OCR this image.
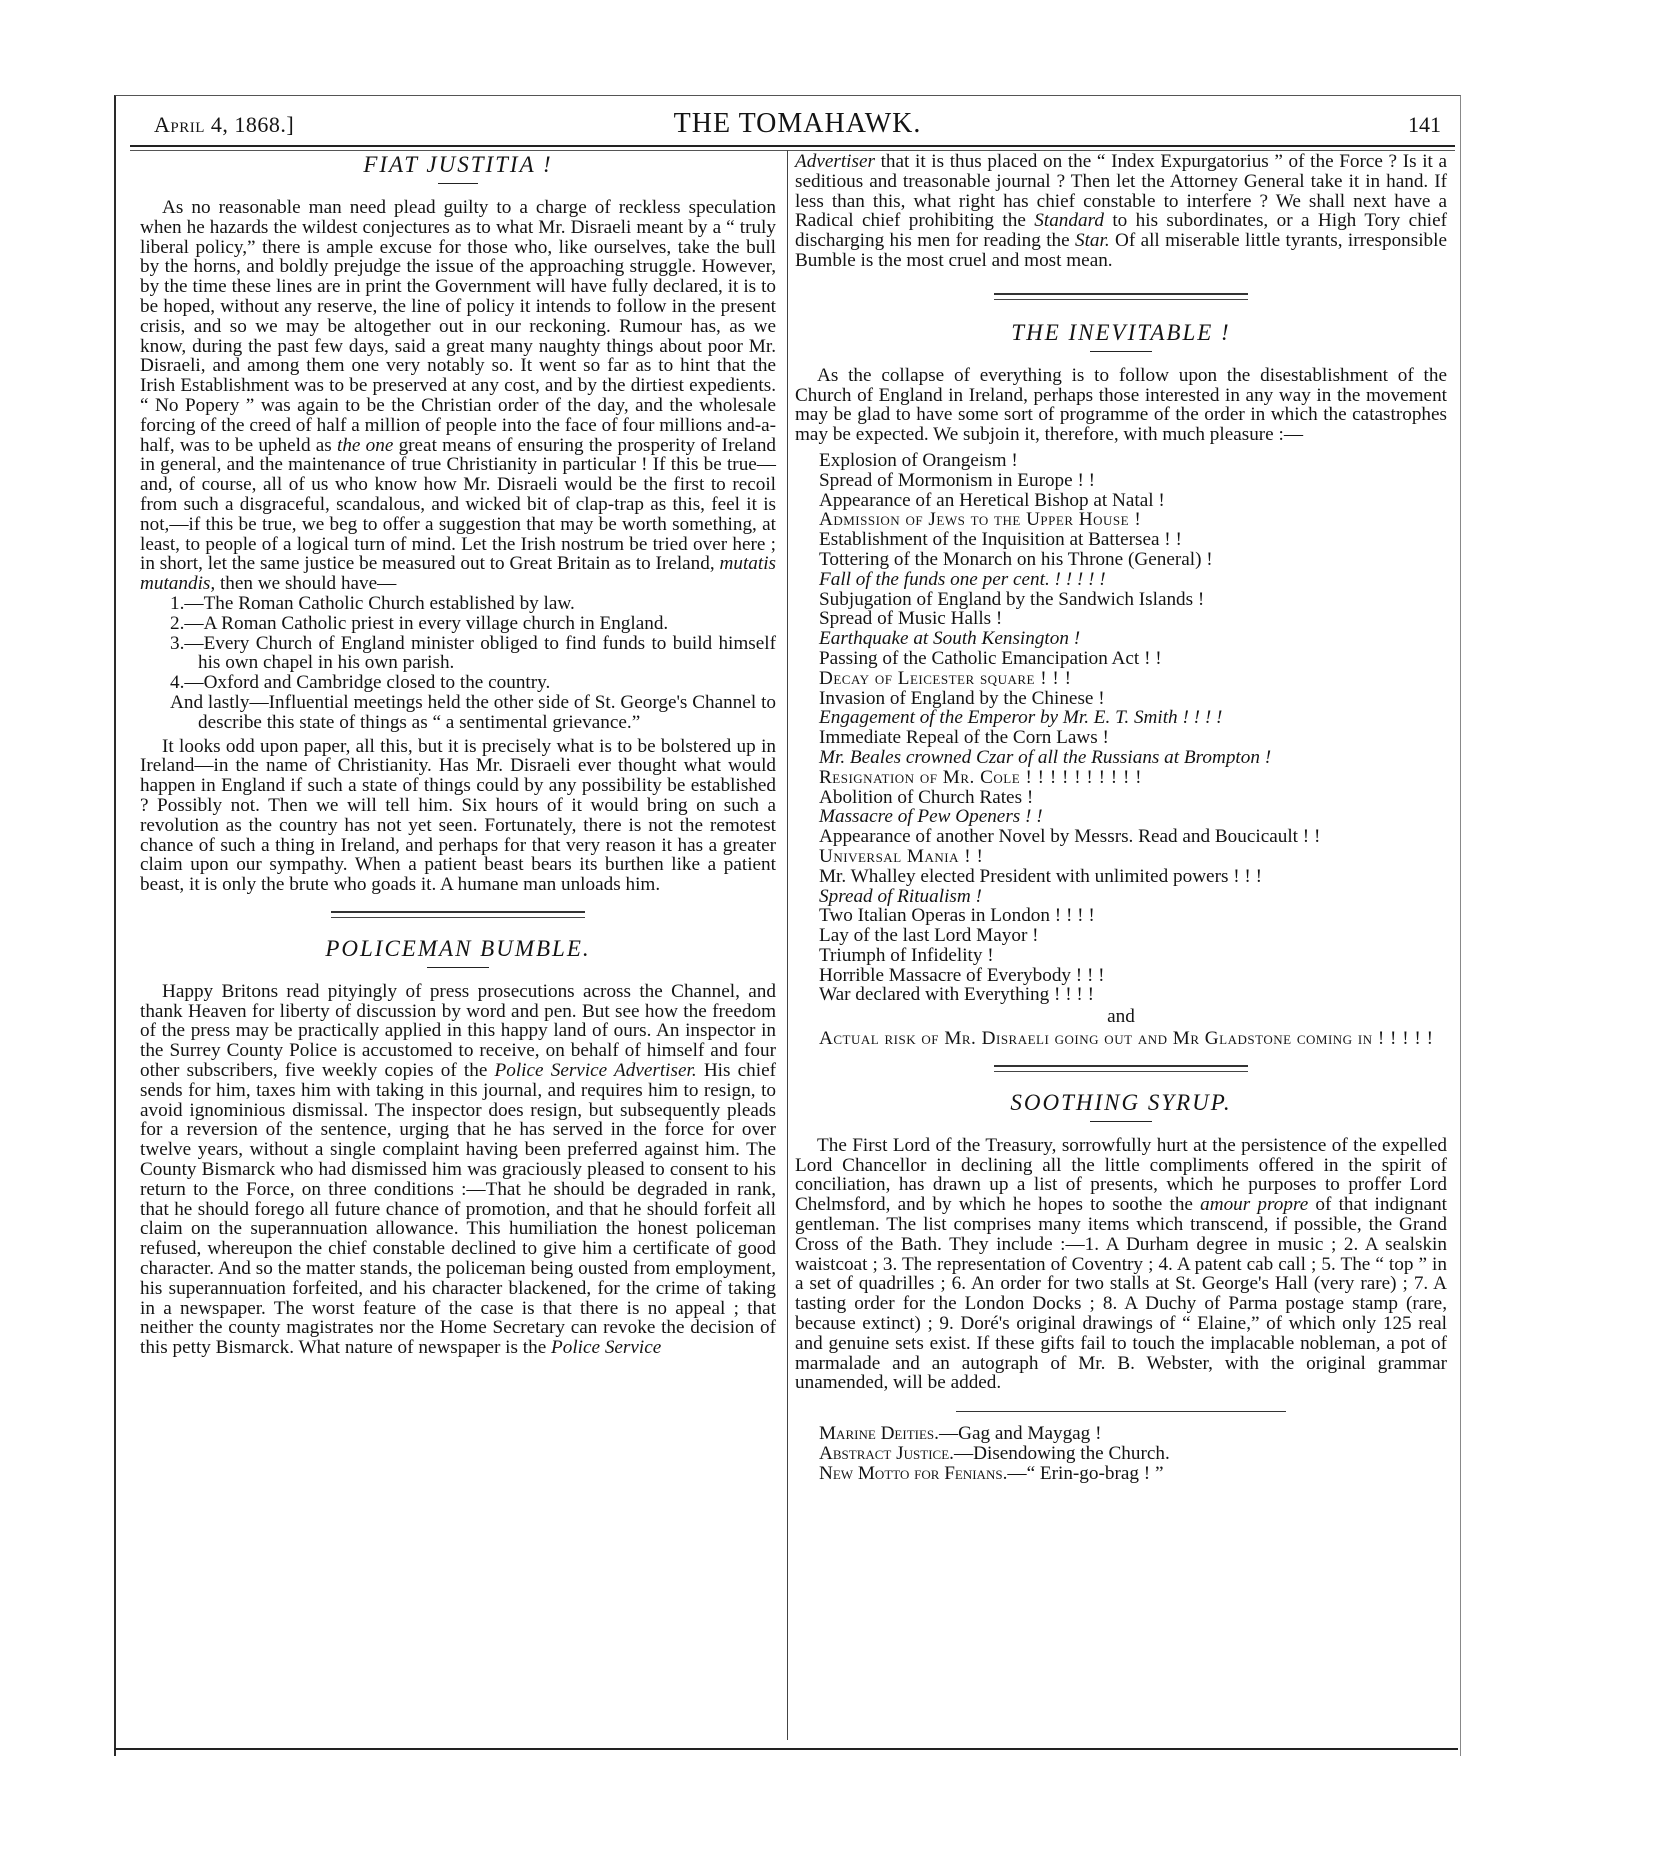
April 4, 1868.]	THE TOMAHAWK.	141
FIAT JUSTITIA !

As no reasonable man need plead guilty to a charge of reckless speculation when he hazards the wildest conjectures as to what Mr. Disraeli meant by a “ truly liberal policy,” there is ample excuse for those who, like ourselves, take the bull by the horns, and boldly prejudge the issue of the approaching struggle. However, by the time these lines are in print the Government will have fully declared, it is to be hoped, without any reserve, the line of policy it intends to follow in the present crisis, and so we may be altogether out in our reckoning. Rumour has, as we know, during the past few days, said a great many naughty things about poor Mr. Disraeli, and among them one very notably so. It went so far as to hint that the Irish Establishment was to be preserved at any cost, and by the dirtiest expedients. “ No Popery ” was again to be the Christian order of the day, and the wholesale forcing of the creed of half a million of people into the face of four millions and-a-half, was to be upheld as the one great means of ensuring the prosperity of Ireland in general, and the maintenance of true Christianity in particular ! If this be true—and, of course, all of us who know how Mr. Disraeli would be the first to recoil from such a disgraceful, scandalous, and wicked bit of clap-trap as this, feel it is not,—if this be true, we beg to offer a suggestion that may be worth something, at least, to people of a logical turn of mind. Let the Irish nostrum be tried over here ; in short, let the same justice be measured out to Great Britain as to Ireland, mutatis mutandis, then we should have—

1.—The Roman Catholic Church established by law.
2.—A Roman Catholic priest in every village church in England.
3.—Every Church of England minister obliged to find funds to build himself his own chapel in his own parish.
4.—Oxford and Cambridge closed to the country.
And lastly—Influential meetings held the other side of St. George's Channel to describe this state of things as “ a sentimental grievance.”

It looks odd upon paper, all this, but it is precisely what is to be bolstered up in Ireland—in the name of Christianity. Has Mr. Disraeli ever thought what would happen in England if such a state of things could by any possibility be established ? Possibly not. Then we will tell him. Six hours of it would bring on such a revolution as the country has not yet seen. Fortunately, there is not the remotest chance of such a thing in Ireland, and perhaps for that very reason it has a greater claim upon our sympathy. When a patient beast bears its burthen like a patient beast, it is only the brute who goads it. A humane man unloads him.

POLICEMAN BUMBLE.

Happy Britons read pityingly of press prosecutions across the Channel, and thank Heaven for liberty of discussion by word and pen. But see how the freedom of the press may be practically applied in this happy land of ours. An inspector in the Surrey County Police is accustomed to receive, on behalf of himself and four other subscribers, five weekly copies of the Police Service Advertiser. His chief sends for him, taxes him with taking in this journal, and requires him to resign, to avoid ignominious dismissal. The inspector does resign, but subsequently pleads for a reversion of the sentence, urging that he has served in the force for over twelve years, without a single complaint having been preferred against him. The County Bismarck who had dismissed him was graciously pleased to consent to his return to the Force, on three conditions :—That he should be degraded in rank, that he should forego all future chance of promotion, and that he should forfeit all claim on the superannuation allowance. This humiliation the honest policeman refused, whereupon the chief constable declined to give him a certificate of good character. And so the matter stands, the policeman being ousted from employment, his superannuation forfeited, and his character blackened, for the crime of taking in a newspaper. The worst feature of the case is that there is no appeal ; that neither the county magistrates nor the Home Secretary can revoke the decision of this petty Bismarck. What nature of newspaper is the Police Service

Advertiser that it is thus placed on the “ Index Expurgatorius ” of the Force ? Is it a seditious and treasonable journal ? Then let the Attorney General take it in hand. If less than this, what right has chief constable to interfere ? We shall next have a Radical chief prohibiting the Standard to his subordinates, or a High Tory chief discharging his men for reading the Star. Of all miserable little tyrants, irresponsible Bumble is the most cruel and most mean.

THE INEVITABLE !

As the collapse of everything is to follow upon the disestablishment of the Church of England in Ireland, perhaps those interested in any way in the movement may be glad to have some sort of programme of the order in which the catastrophes may be expected. We subjoin it, therefore, with much pleasure :—

Explosion of Orangeism !
Spread of Mormonism in Europe ! !
Appearance of an Heretical Bishop at Natal !
Admission of Jews to the Upper House !
Establishment of the Inquisition at Battersea ! !
Tottering of the Monarch on his Throne (General) !
Fall of the funds one per cent. ! ! ! ! !
Subjugation of England by the Sandwich Islands !
Spread of Music Halls !
Earthquake at South Kensington !
Passing of the Catholic Emancipation Act ! !
Decay of Leicester square ! ! !
Invasion of England by the Chinese !
Engagement of the Emperor by Mr. E. T. Smith ! ! ! !
Immediate Repeal of the Corn Laws !
Mr. Beales crowned Czar of all the Russians at Brompton !
Resignation of Mr. Cole ! ! ! ! ! ! ! ! ! !
Abolition of Church Rates !
Massacre of Pew Openers ! !
Appearance of another Novel by Messrs. Read and Boucicault ! !
Universal Mania ! !
Mr. Whalley elected President with unlimited powers ! ! !
Spread of Ritualism !
Two Italian Operas in London ! ! ! !
Lay of the last Lord Mayor !
Triumph of Infidelity !
Horrible Massacre of Everybody ! ! !
War declared with Everything ! ! ! !
and
Actual risk of Mr. Disraeli going out and Mr Gladstone coming in ! ! ! ! !
SOOTHING SYRUP.

The First Lord of the Treasury, sorrowfully hurt at the persistence of the expelled Lord Chancellor in declining all the little compliments offered in the spirit of conciliation, has drawn up a list of presents, which he purposes to proffer Lord Chelmsford, and by which he hopes to soothe the amour propre of that indignant gentleman. The list comprises many items which transcend, if possible, the Grand Cross of the Bath. They include :—1. A Durham degree in music ; 2. A sealskin waistcoat ; 3. The representation of Coventry ; 4. A patent cab call ; 5. The “ top ” in a set of quadrilles ; 6. An order for two stalls at St. George's Hall (very rare) ; 7. A tasting order for the London Docks ; 8. A Duchy of Parma postage stamp (rare, because extinct) ; 9. Doré's original drawings of “ Elaine,” of which only 125 real and genuine sets exist. If these gifts fail to touch the implacable nobleman, a pot of marmalade and an autograph of Mr. B. Webster, with the original grammar unamended, will be added.

Marine Deities.—Gag and Maygag !
Abstract Justice.—Disendowing the Church.
New Motto for Fenians.—“ Erin-go-brag ! ”
